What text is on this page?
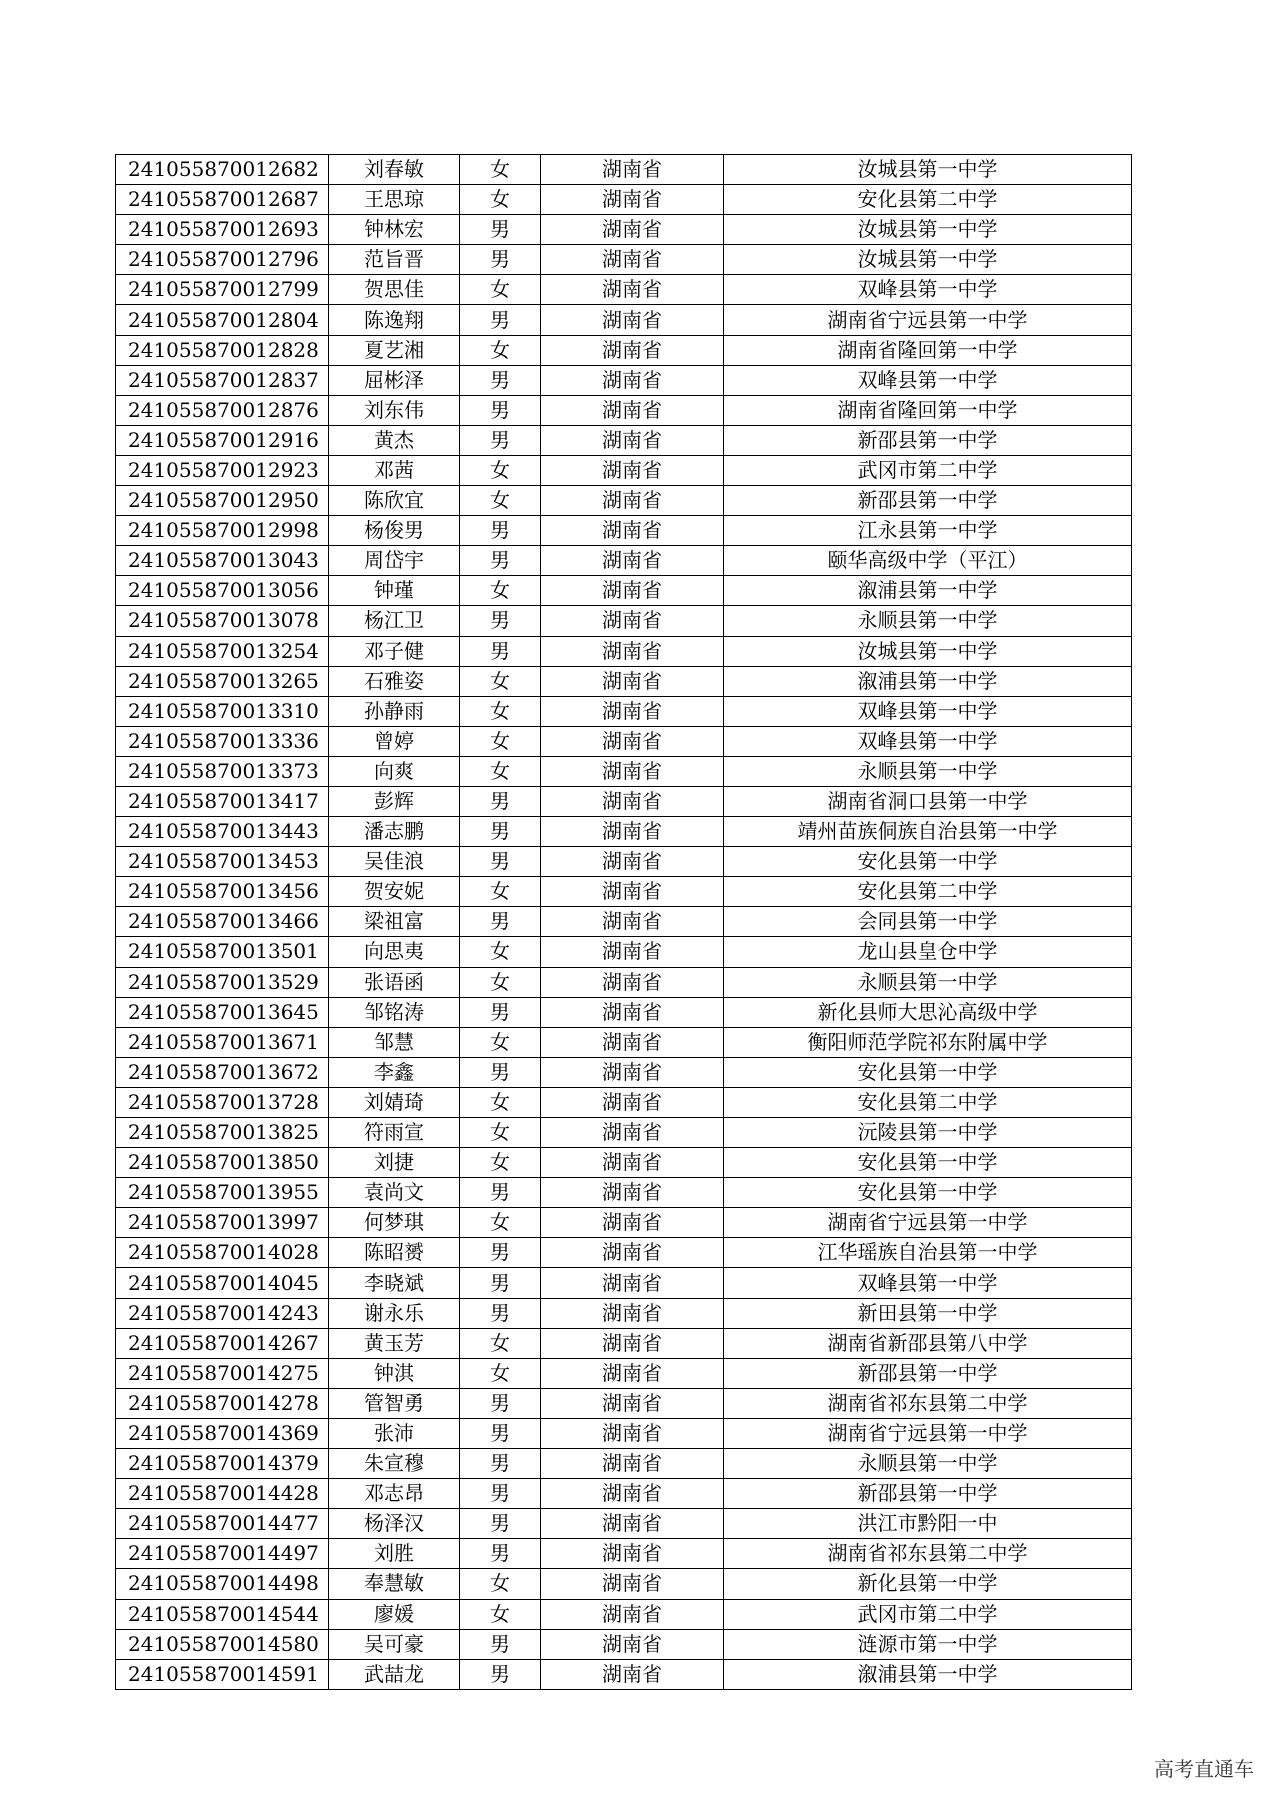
241055870012682	刘春敏	女	湖南省	汝城县第一中学
241055870012687	王思琼	女	湖南省	安化县第二中学
241055870012693	钟林宏	男	湖南省	汝城县第一中学
241055870012796	范旨晋	男	湖南省	汝城县第一中学
241055870012799	贺思佳	女	湖南省	双峰县第一中学
241055870012804	陈逸翔	男	湖南省	湖南省宁远县第一中学
241055870012828	夏艺湘	女	湖南省	湖南省隆回第一中学
241055870012837	屈彬泽	男	湖南省	双峰县第一中学
241055870012876	刘东伟	男	湖南省	湖南省隆回第一中学
241055870012916	黄杰	男	湖南省	新邵县第一中学
241055870012923	邓茜	女	湖南省	武冈市第二中学
241055870012950	陈欣宜	女	湖南省	新邵县第一中学
241055870012998	杨俊男	男	湖南省	江永县第一中学
241055870013043	周岱宇	男	湖南省	颐华高级中学（平江）
241055870013056	钟瑾	女	湖南省	溆浦县第一中学
241055870013078	杨江卫	男	湖南省	永顺县第一中学
241055870013254	邓子健	男	湖南省	汝城县第一中学
241055870013265	石雅姿	女	湖南省	溆浦县第一中学
241055870013310	孙静雨	女	湖南省	双峰县第一中学
241055870013336	曾婷	女	湖南省	双峰县第一中学
241055870013373	向爽	女	湖南省	永顺县第一中学
241055870013417	彭辉	男	湖南省	湖南省洞口县第一中学
241055870013443	潘志鹏	男	湖南省	靖州苗族侗族自治县第一中学
241055870013453	吴佳浪	男	湖南省	安化县第一中学
241055870013456	贺安妮	女	湖南省	安化县第二中学
241055870013466	梁祖富	男	湖南省	会同县第一中学
241055870013501	向思夷	女	湖南省	龙山县皇仓中学
241055870013529	张语函	女	湖南省	永顺县第一中学
241055870013645	邹铭涛	男	湖南省	新化县师大思沁高级中学
241055870013671	邹慧	女	湖南省	衡阳师范学院祁东附属中学
241055870013672	李鑫	男	湖南省	安化县第一中学
241055870013728	刘婧琦	女	湖南省	安化县第二中学
241055870013825	符雨宣	女	湖南省	沅陵县第一中学
241055870013850	刘捷	女	湖南省	安化县第一中学
241055870013955	袁尚文	男	湖南省	安化县第一中学
241055870013997	何梦琪	女	湖南省	湖南省宁远县第一中学
241055870014028	陈昭赟	男	湖南省	江华瑶族自治县第一中学
241055870014045	李晓斌	男	湖南省	双峰县第一中学
241055870014243	谢永乐	男	湖南省	新田县第一中学
241055870014267	黄玉芳	女	湖南省	湖南省新邵县第八中学
241055870014275	钟淇	女	湖南省	新邵县第一中学
241055870014278	管智勇	男	湖南省	湖南省祁东县第二中学
241055870014369	张沛	男	湖南省	湖南省宁远县第一中学
241055870014379	朱宣穆	男	湖南省	永顺县第一中学
241055870014428	邓志昂	男	湖南省	新邵县第一中学
241055870014477	杨泽汉	男	湖南省	洪江市黔阳一中
241055870014497	刘胜	男	湖南省	湖南省祁东县第二中学
241055870014498	奉慧敏	女	湖南省	新化县第一中学
241055870014544	廖媛	女	湖南省	武冈市第二中学
241055870014580	吴可豪	男	湖南省	涟源市第一中学
241055870014591	武喆龙	男	湖南省	溆浦县第一中学
高考直通车
